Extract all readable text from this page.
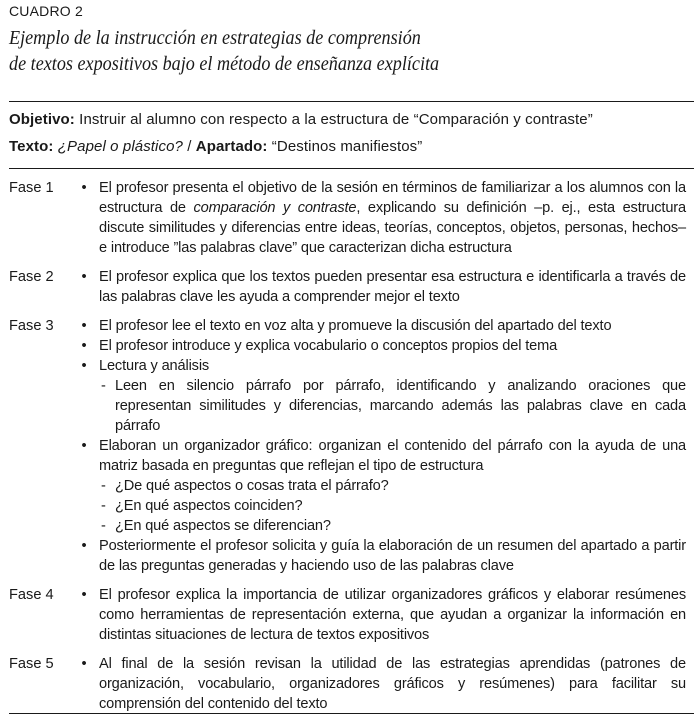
CUADRO 2
Ejemplo de la instrucción en estrategias de comprensión
de textos expositivos bajo el método de enseñanza explícita
Objetivo: Instruir al alumno con respecto a la estructura de “Comparación y contraste”
Texto: ¿Papel o plástico? / Apartado: “Destinos manifiestos”
Fase 1	• El profesor presenta el objetivo de la sesión en términos de familiarizar a los alumnos con la estructura de comparación y contraste, explicando su definición –p. ej., esta estructura discute similitudes y diferencias entre ideas, teorías, conceptos, objetos, personas, hechos– e introduce ”las palabras clave” que caracterizan dicha estructura
Fase 2	• El profesor explica que los textos pueden presentar esa estructura e identificarla a través de las palabras clave les ayuda a comprender mejor el texto
Fase 3	• El profesor lee el texto en voz alta y promueve la discusión del apartado del texto
• El profesor introduce y explica vocabulario o conceptos propios del tema
• Lectura y análisis
- Leen en silencio párrafo por párrafo, identificando y analizando oraciones que representan similitudes y diferencias, marcando además las palabras clave en cada párrafo
• Elaboran un organizador gráfico: organizan el contenido del párrafo con la ayuda de una matriz basada en preguntas que reflejan el tipo de estructura
- ¿De qué aspectos o cosas trata el párrafo?
- ¿En qué aspectos coinciden?
- ¿En qué aspectos se diferencian?
• Posteriormente el profesor solicita y guía la elaboración de un resumen del apartado a partir de las preguntas generadas y haciendo uso de las palabras clave
Fase 4	• El profesor explica la importancia de utilizar organizadores gráficos y elaborar resúmenes como herramientas de representación externa, que ayudan a organizar la información en distintas situaciones de lectura de textos expositivos
Fase 5	• Al final de la sesión revisan la utilidad de las estrategias aprendidas (patrones de organización, vocabulario, organizadores gráficos y resúmenes) para facilitar su comprensión del contenido del texto
